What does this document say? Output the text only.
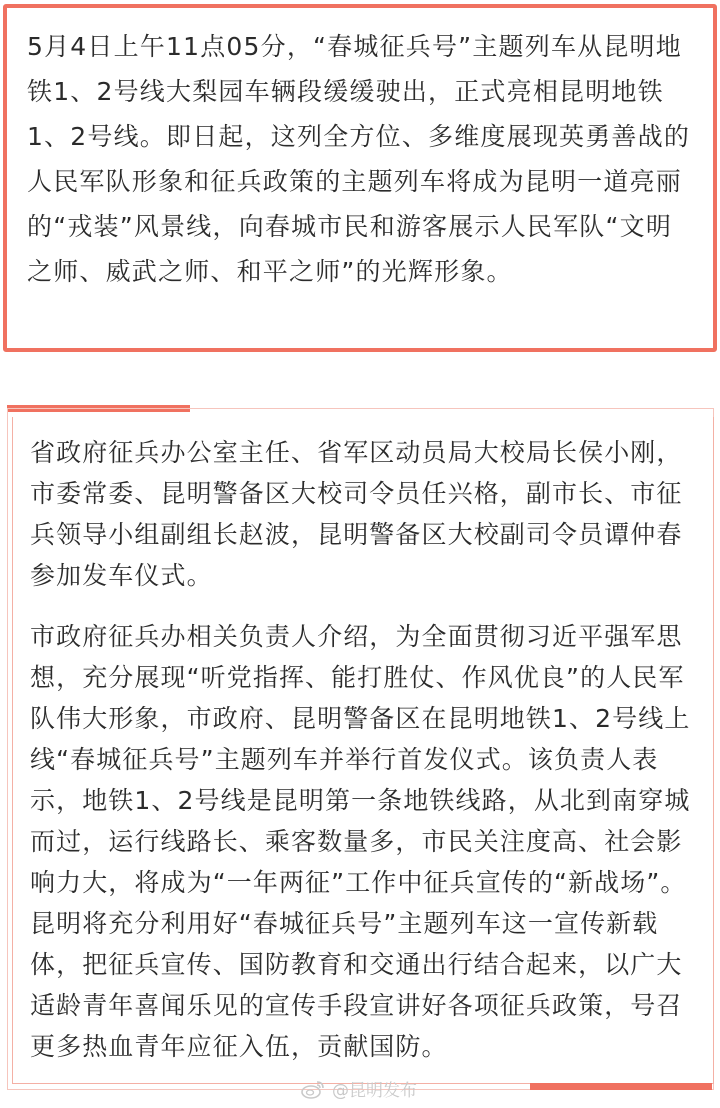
5月4日上午11点05分，“春城征兵号”主题列车从昆明地铁1、2号线大梨园车辆段缓缓驶出，正式亮相昆明地铁1、2号线。即日起，这列全方位、多维度展现英勇善战的人民军队形象和征兵政策的主题列车将成为昆明一道亮丽的“戎装”风景线，向春城市民和游客展示人民军队“文明之师、威武之师、和平之师”的光辉形象。

省政府征兵办公室主任、省军区动员局大校局长侯小刚，市委常委、昆明警备区大校司令员任兴格，副市长、市征兵领导小组副组长赵波，昆明警备区大校副司令员谭仲春参加发车仪式。

市政府征兵办相关负责人介绍，为全面贯彻习近平强军思想，充分展现“听党指挥、能打胜仗、作风优良”的人民军队伟大形象，市政府、昆明警备区在昆明地铁1、2号线上线“春城征兵号”主题列车并举行首发仪式。该负责人表示，地铁1、2号线是昆明第一条地铁线路，从北到南穿城而过，运行线路长、乘客数量多，市民关注度高、社会影响力大，将成为“一年两征”工作中征兵宣传的“新战场”。昆明将充分利用好“春城征兵号”主题列车这一宣传新载体，把征兵宣传、国防教育和交通出行结合起来，以广大适龄青年喜闻乐见的宣传手段宣讲好各项征兵政策，号召更多热血青年应征入伍，贡献国防。

@昆明发布
